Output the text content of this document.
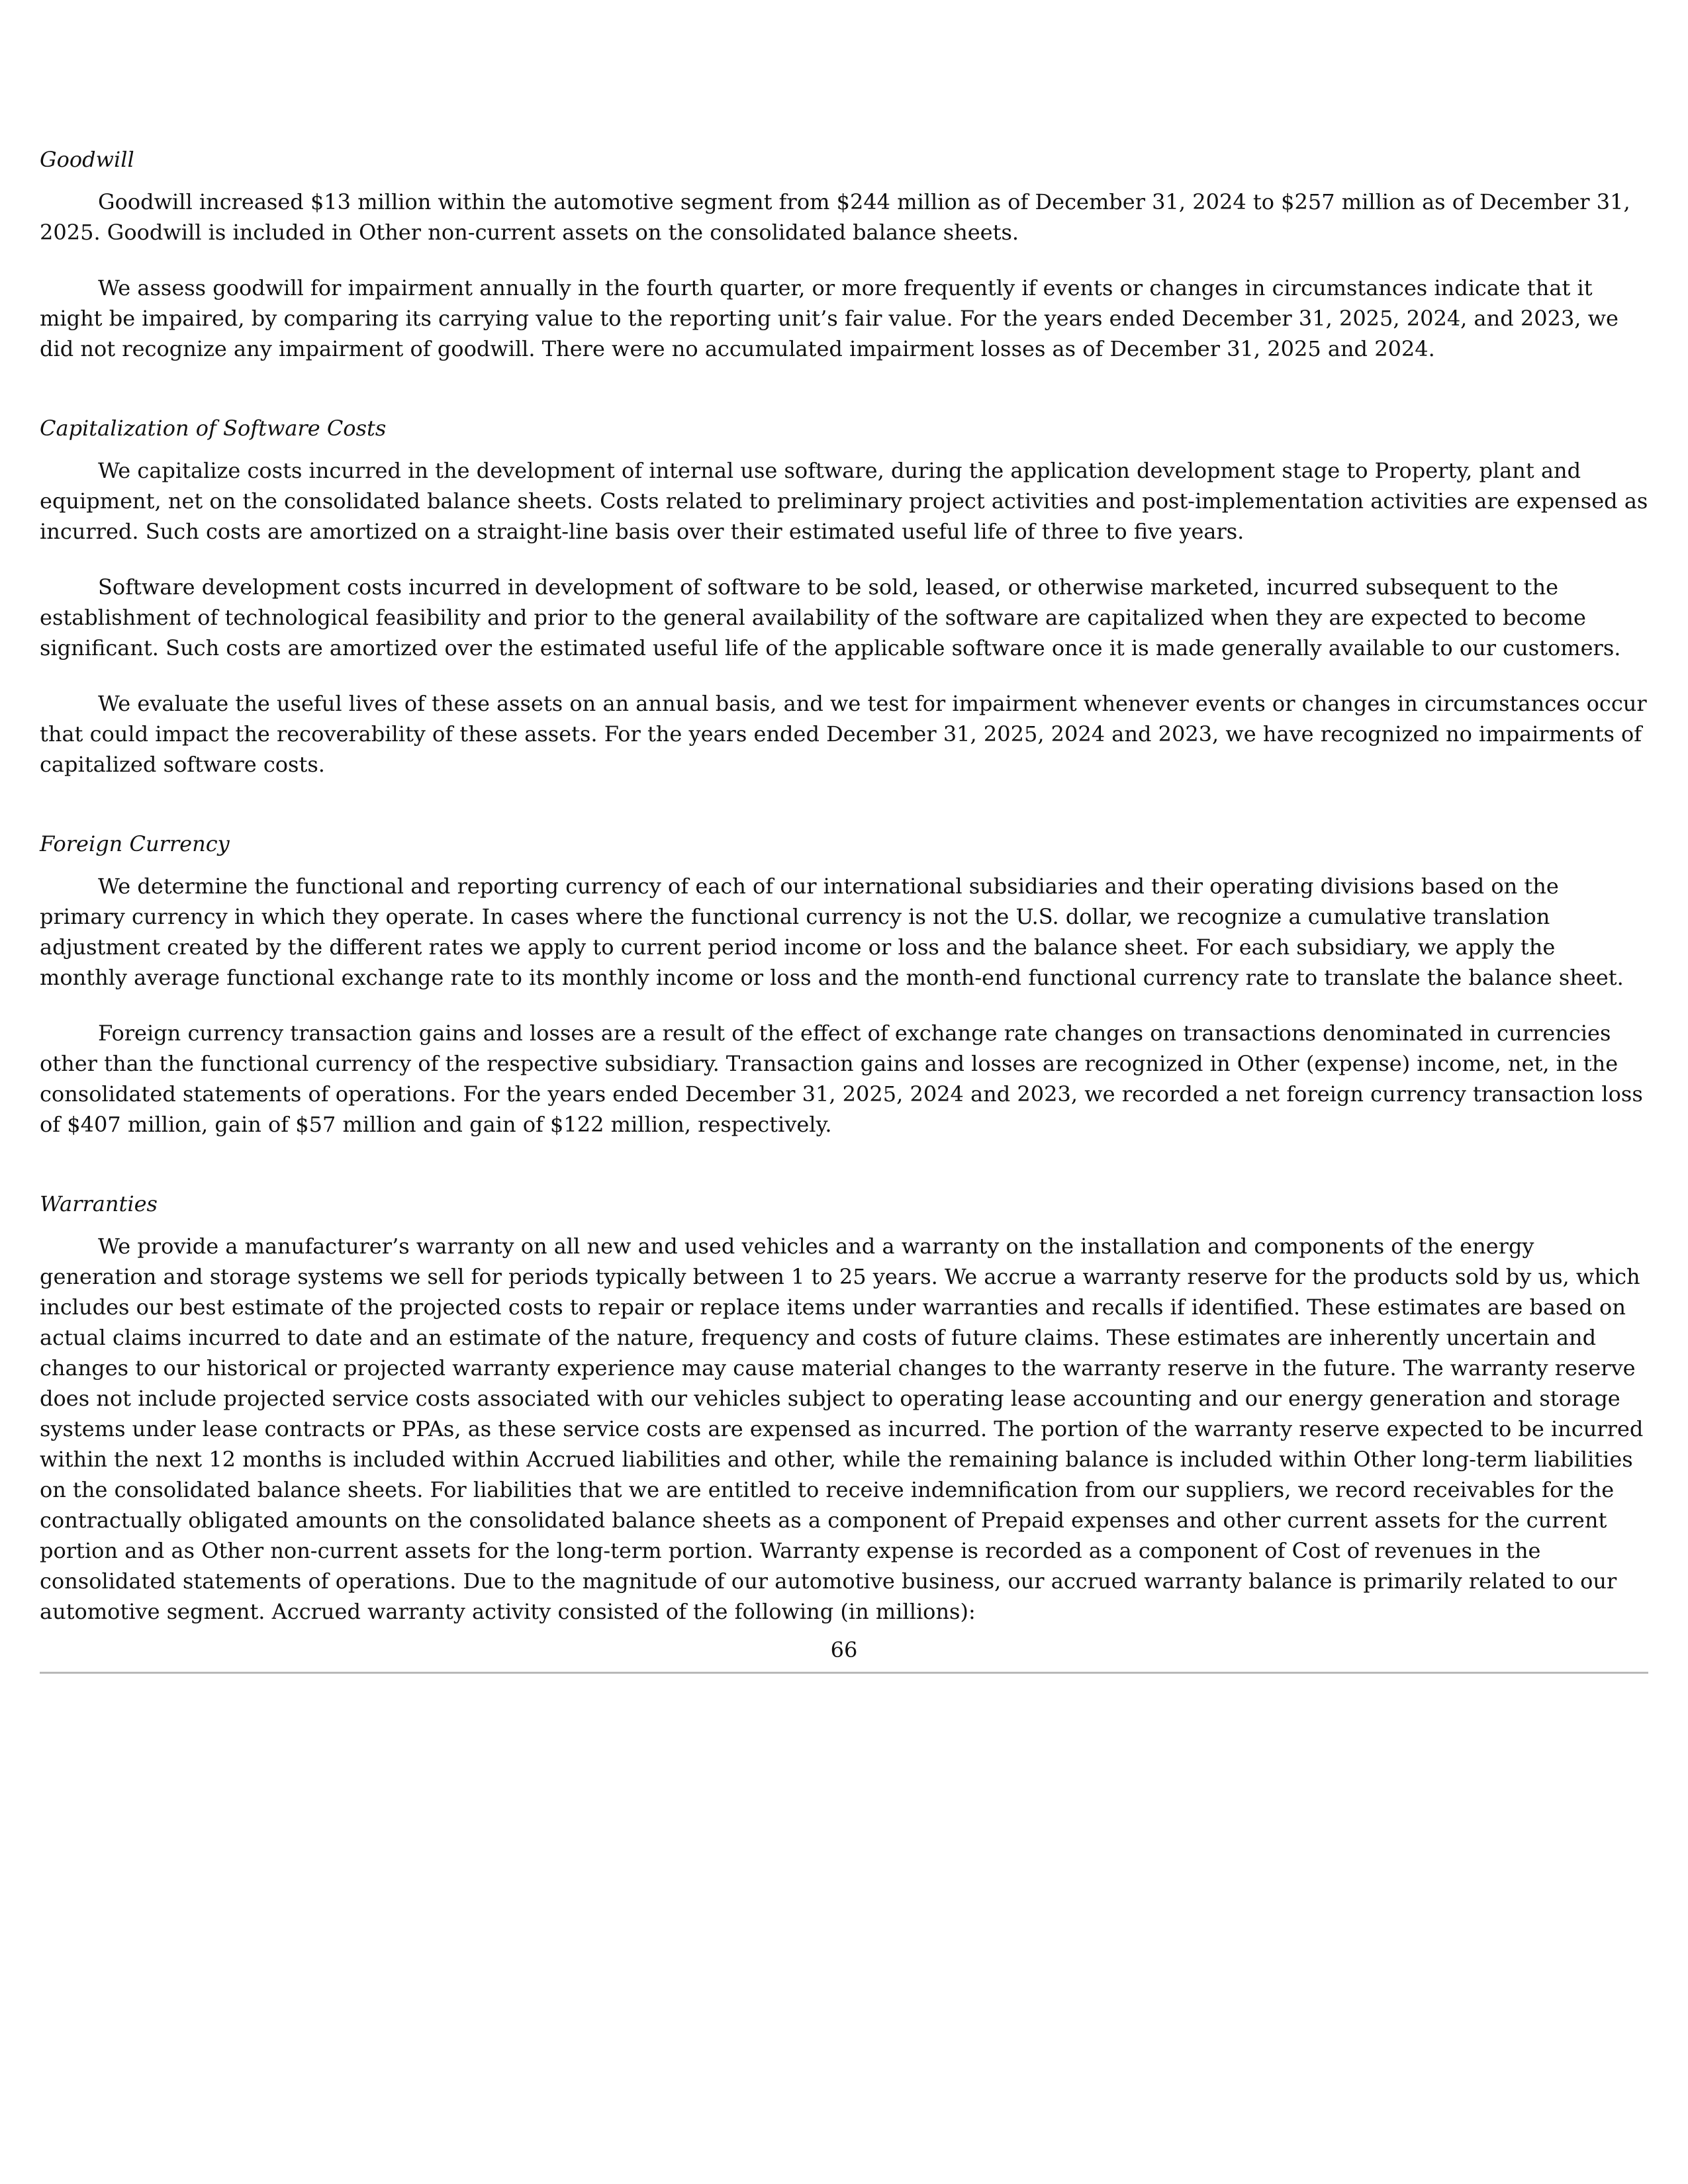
Goodwill

Goodwill increased $13 million within the automotive segment from $244 million as of December 31, 2024 to $257 million as of December 31, 2025. Goodwill is included in Other non-current assets on the consolidated balance sheets.

We assess goodwill for impairment annually in the fourth quarter, or more frequently if events or changes in circumstances indicate that it might be impaired, by comparing its carrying value to the reporting unit’s fair value. For the years ended December 31, 2025, 2024, and 2023, we did not recognize any impairment of goodwill. There were no accumulated impairment losses as of December 31, 2025 and 2024.

Capitalization of Software Costs

We capitalize costs incurred in the development of internal use software, during the application development stage to Property, plant and equipment, net on the consolidated balance sheets. Costs related to preliminary project activities and post-implementation activities are expensed as incurred. Such costs are amortized on a straight-line basis over their estimated useful life of three to five years.

Software development costs incurred in development of software to be sold, leased, or otherwise marketed, incurred subsequent to the establishment of technological feasibility and prior to the general availability of the software are capitalized when they are expected to become significant. Such costs are amortized over the estimated useful life of the applicable software once it is made generally available to our customers.

We evaluate the useful lives of these assets on an annual basis, and we test for impairment whenever events or changes in circumstances occur that could impact the recoverability of these assets. For the years ended December 31, 2025, 2024 and 2023, we have recognized no impairments of capitalized software costs.

Foreign Currency

We determine the functional and reporting currency of each of our international subsidiaries and their operating divisions based on the primary currency in which they operate. In cases where the functional currency is not the U.S. dollar, we recognize a cumulative translation adjustment created by the different rates we apply to current period income or loss and the balance sheet. For each subsidiary, we apply the monthly average functional exchange rate to its monthly income or loss and the month-end functional currency rate to translate the balance sheet.

Foreign currency transaction gains and losses are a result of the effect of exchange rate changes on transactions denominated in currencies other than the functional currency of the respective subsidiary. Transaction gains and losses are recognized in Other (expense) income, net, in the consolidated statements of operations. For the years ended December 31, 2025, 2024 and 2023, we recorded a net foreign currency transaction loss of $407 million, gain of $57 million and gain of $122 million, respectively.

Warranties

We provide a manufacturer’s warranty on all new and used vehicles and a warranty on the installation and components of the energy generation and storage systems we sell for periods typically between 1 to 25 years. We accrue a warranty reserve for the products sold by us, which includes our best estimate of the projected costs to repair or replace items under warranties and recalls if identified. These estimates are based on actual claims incurred to date and an estimate of the nature, frequency and costs of future claims. These estimates are inherently uncertain and changes to our historical or projected warranty experience may cause material changes to the warranty reserve in the future. The warranty reserve does not include projected service costs associated with our vehicles subject to operating lease accounting and our energy generation and storage systems under lease contracts or PPAs, as these service costs are expensed as incurred. The portion of the warranty reserve expected to be incurred within the next 12 months is included within Accrued liabilities and other, while the remaining balance is included within Other long-term liabilities on the consolidated balance sheets. For liabilities that we are entitled to receive indemnification from our suppliers, we record receivables for the contractually obligated amounts on the consolidated balance sheets as a component of Prepaid expenses and other current assets for the current portion and as Other non-current assets for the long-term portion. Warranty expense is recorded as a component of Cost of revenues in the consolidated statements of operations. Due to the magnitude of our automotive business, our accrued warranty balance is primarily related to our automotive segment. Accrued warranty activity consisted of the following (in millions):

66
